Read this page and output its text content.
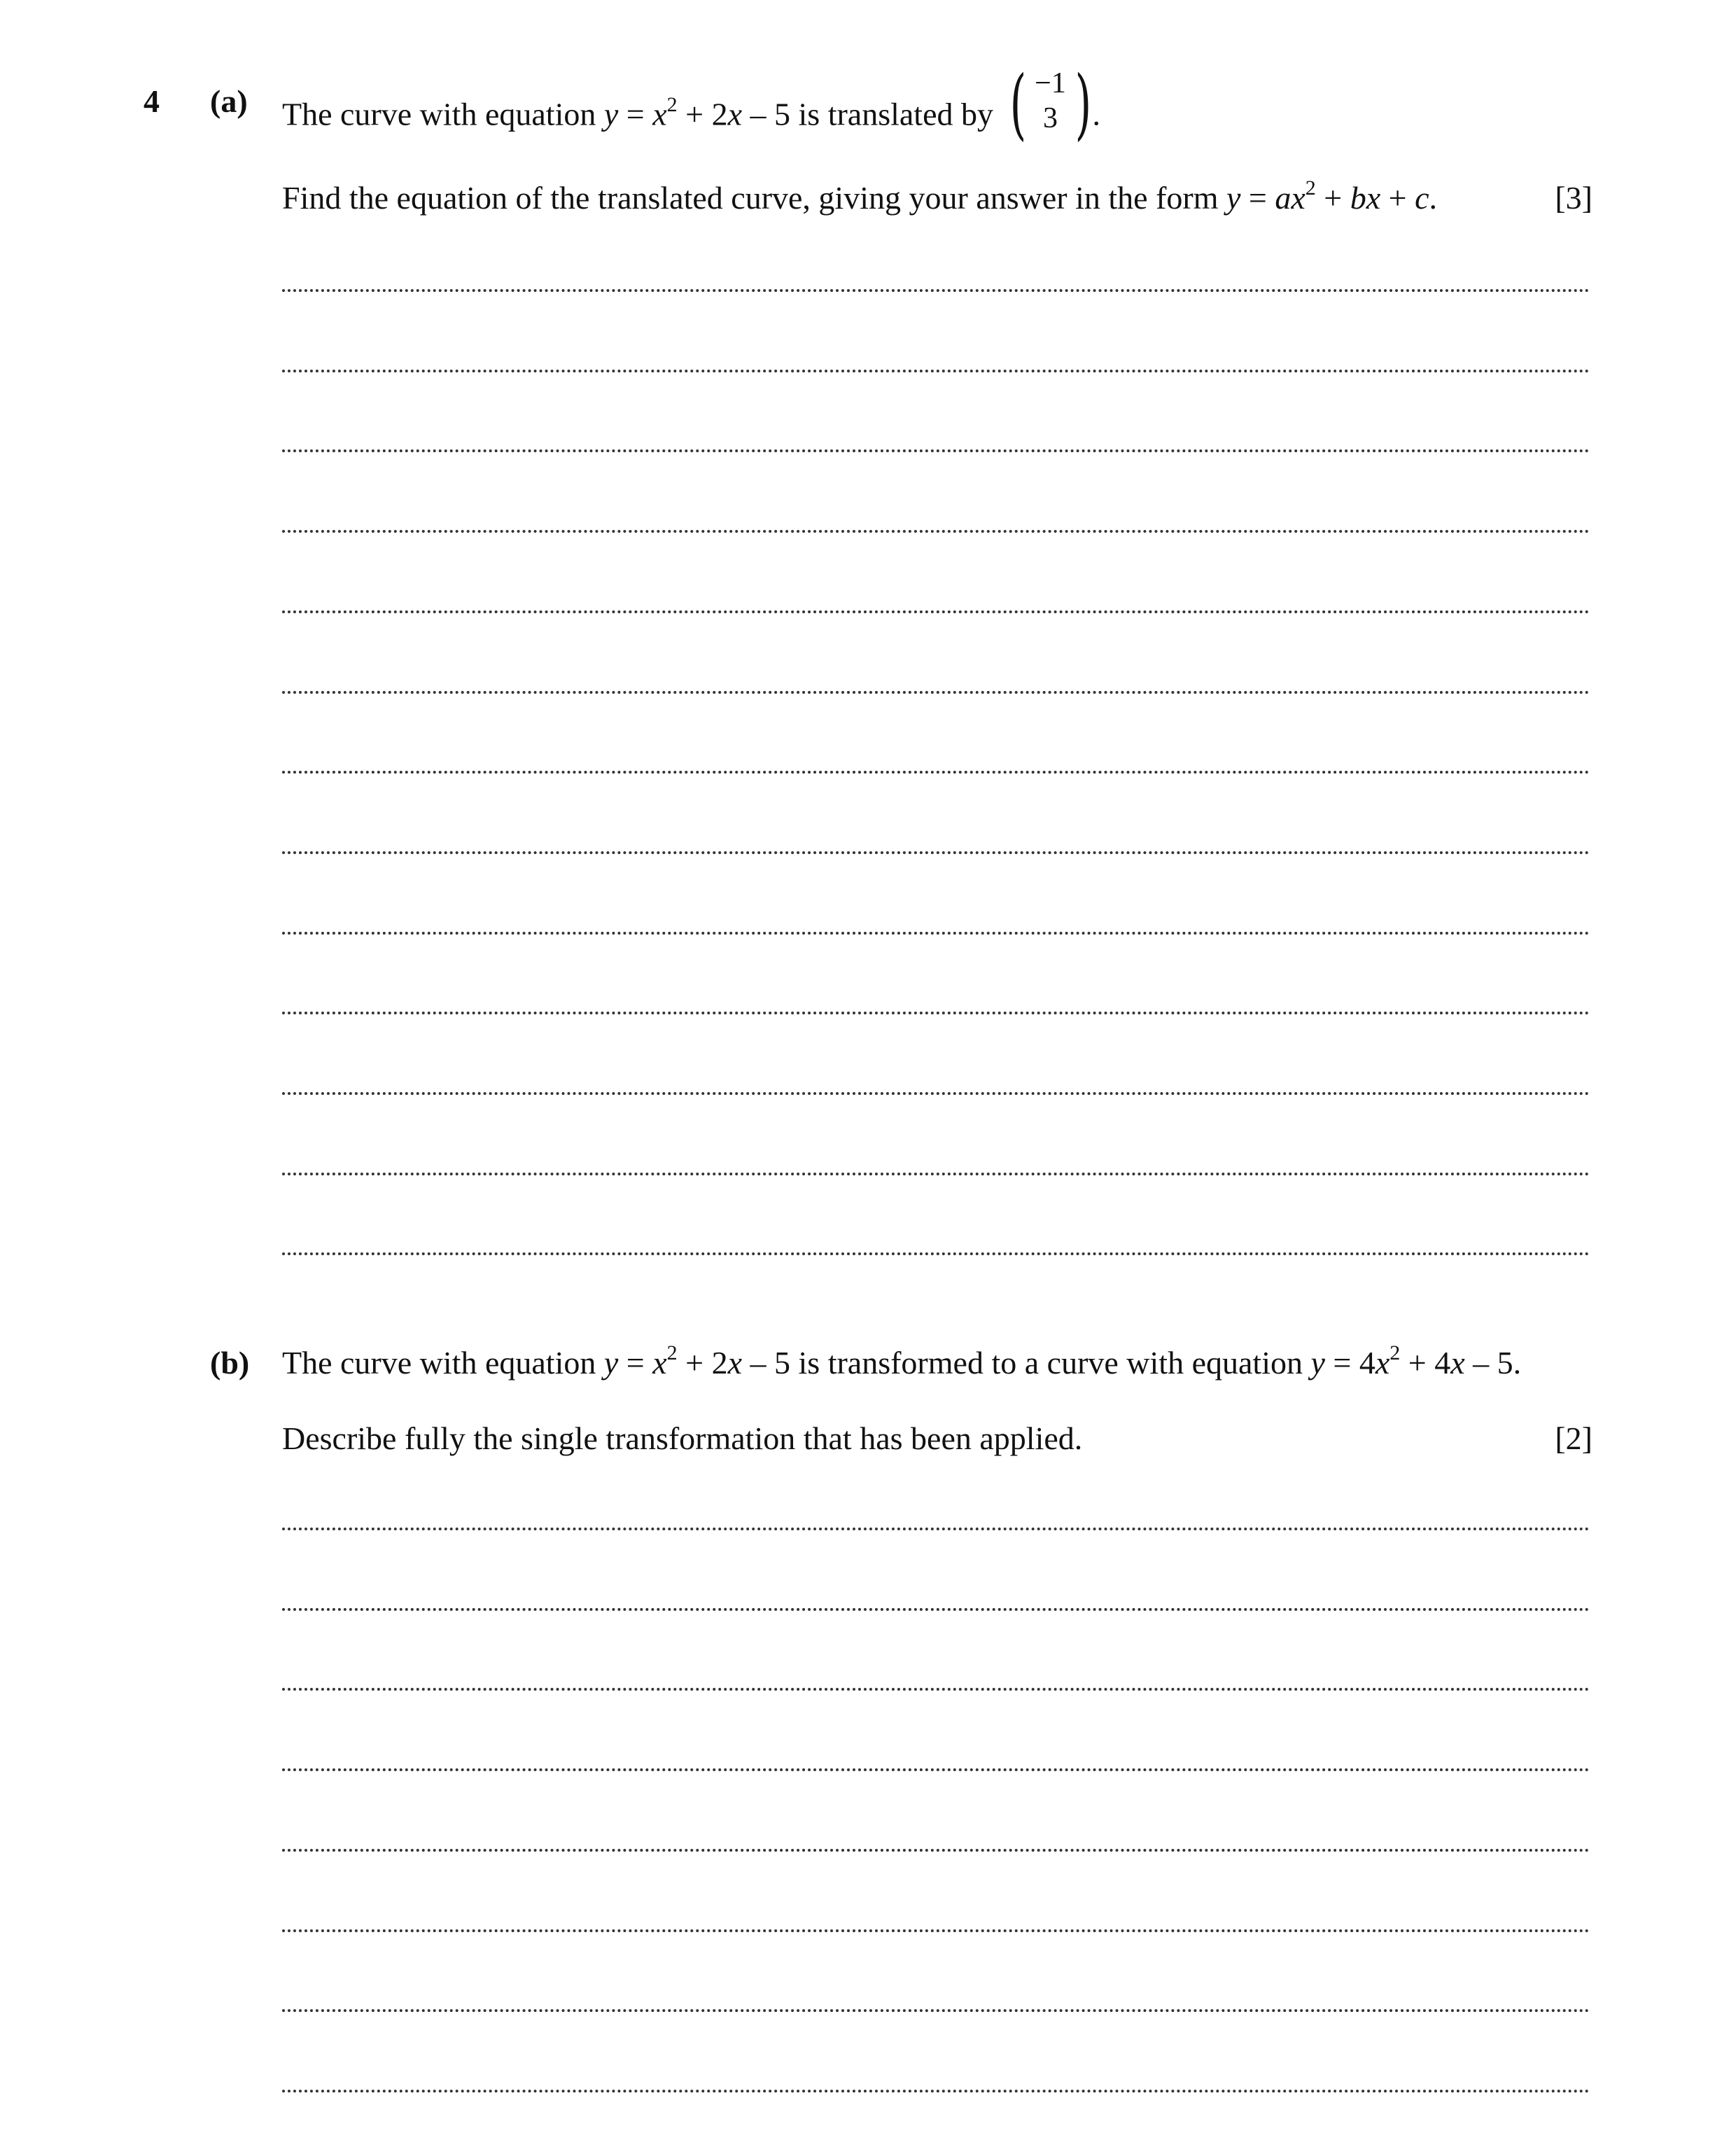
4 (a) The curve with equation $y = x^2 + 2x - 5$ is translated by ( −1
3 ) .
Find the equation of the translated curve, giving your answer in the form $y = ax^2$ + bx + c.	[3]
(b) The curve with equation $y = x^2 + 2x - 5$ is transformed to a curve with equation $y = 4x^2 + 4x - 5$.
Describe fully the single transformation that has been applied.	[2]
